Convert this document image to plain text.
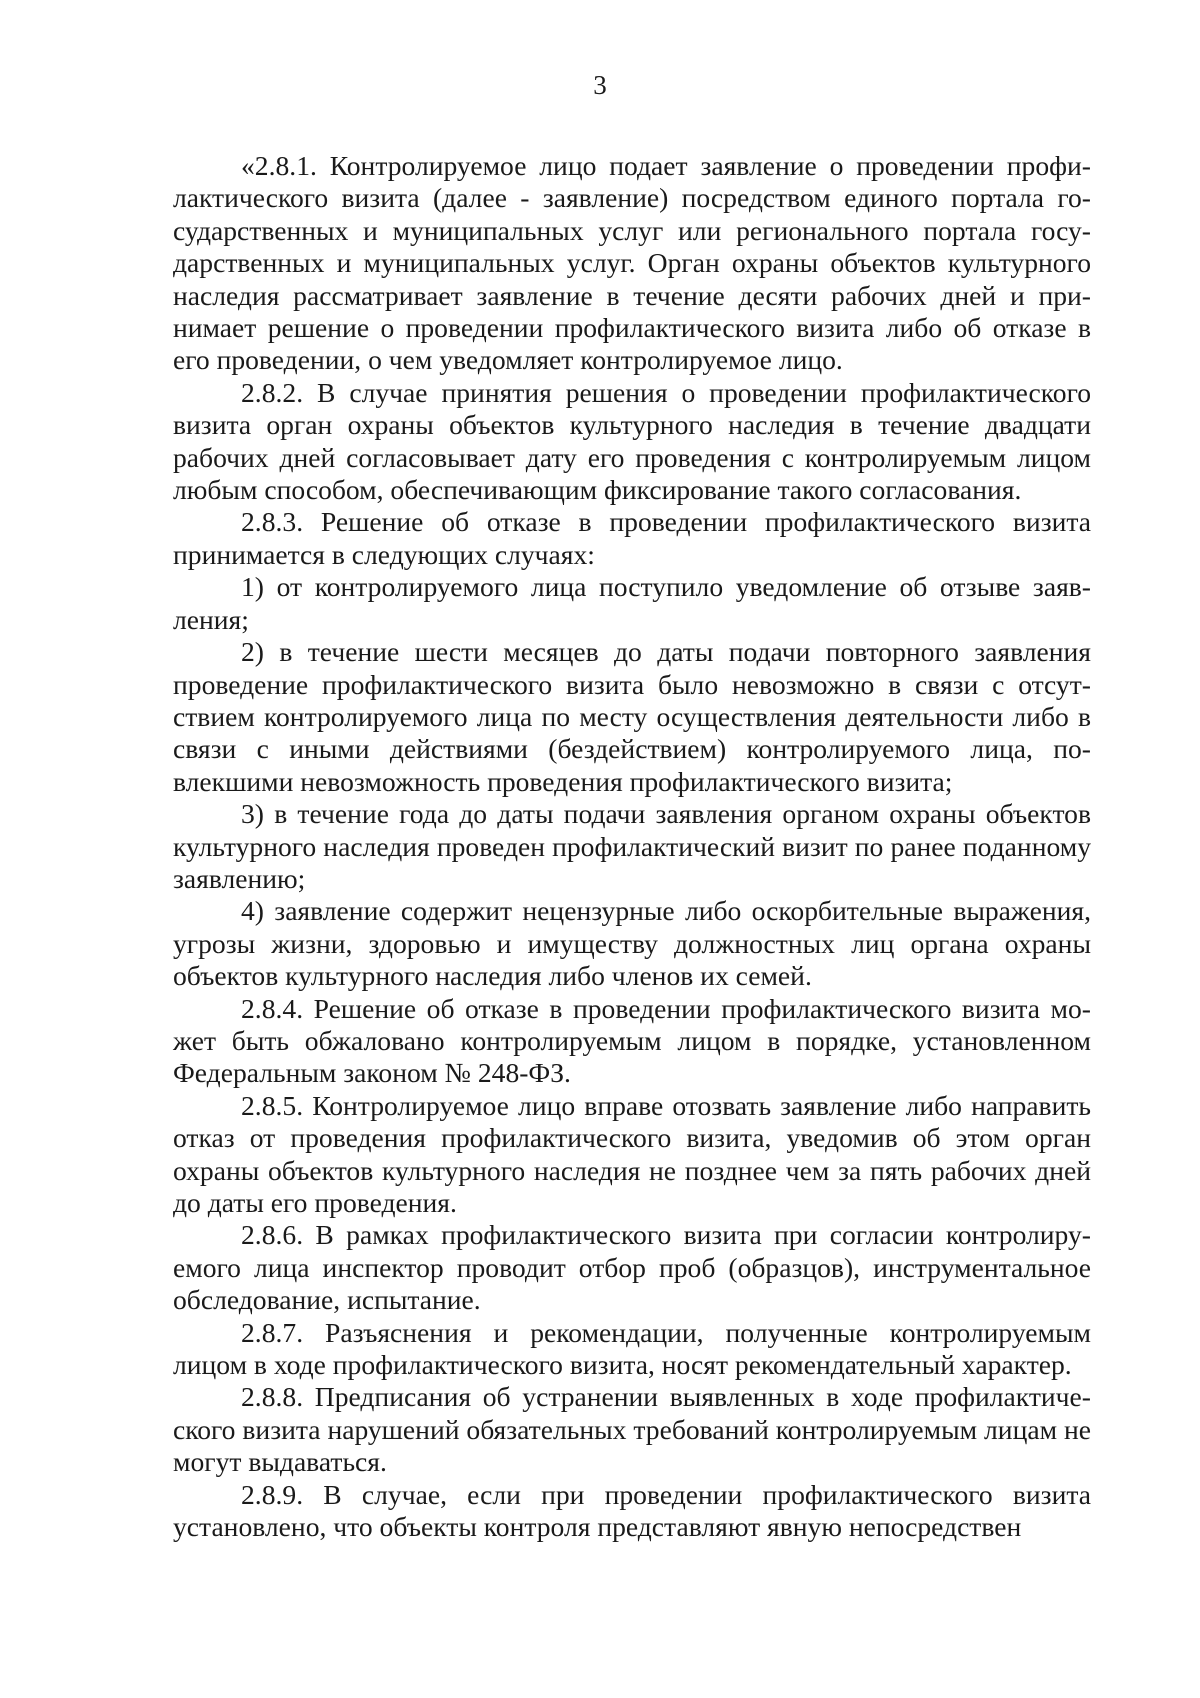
3

«2.8.1. Контролируемое лицо подает заявление о проведении профилактического визита (далее - заявление) посредством единого портала государственных и муниципальных услуг или регионального портала государственных и муниципальных услуг. Орган охраны объектов культурного наследия рассматривает заявление в течение десяти рабочих дней и принимает решение о проведении профилактического визита либо об отказе в его проведении, о чем уведомляет контролируемое лицо.

2.8.2. В случае принятия решения о проведении профилактического визита орган охраны объектов культурного наследия в течение двадцати рабочих дней согласовывает дату его проведения с контролируемым лицом любым способом, обеспечивающим фиксирование такого согласования.

2.8.3. Решение об отказе в проведении профилактического визита принимается в следующих случаях:

1) от контролируемого лица поступило уведомление об отзыве заявления;

2) в течение шести месяцев до даты подачи повторного заявления проведение профилактического визита было невозможно в связи с отсутствием контролируемого лица по месту осуществления деятельности либо в связи с иными действиями (бездействием) контролируемого лица, повлекшими невозможность проведения профилактического визита;

3) в течение года до даты подачи заявления органом охраны объектов культурного наследия проведен профилактический визит по ранее поданному заявлению;

4) заявление содержит нецензурные либо оскорбительные выражения, угрозы жизни, здоровью и имуществу должностных лиц органа охраны объектов культурного наследия либо членов их семей.

2.8.4. Решение об отказе в проведении профилактического визита может быть обжаловано контролируемым лицом в порядке, установленном Федеральным законом № 248-ФЗ.

2.8.5. Контролируемое лицо вправе отозвать заявление либо направить отказ от проведения профилактического визита, уведомив об этом орган охраны объектов культурного наследия не позднее чем за пять рабочих дней до даты его проведения.

2.8.6. В рамках профилактического визита при согласии контролируемого лица инспектор проводит отбор проб (образцов), инструментальное обследование, испытание.

2.8.7. Разъяснения и рекомендации, полученные контролируемым лицом в ходе профилактического визита, носят рекомендательный характер.

2.8.8. Предписания об устранении выявленных в ходе профилактического визита нарушений обязательных требований контролируемым лицам не могут выдаваться.

2.8.9. В случае, если при проведении профилактического визита установлено, что объекты контроля представляют явную непосредствен
